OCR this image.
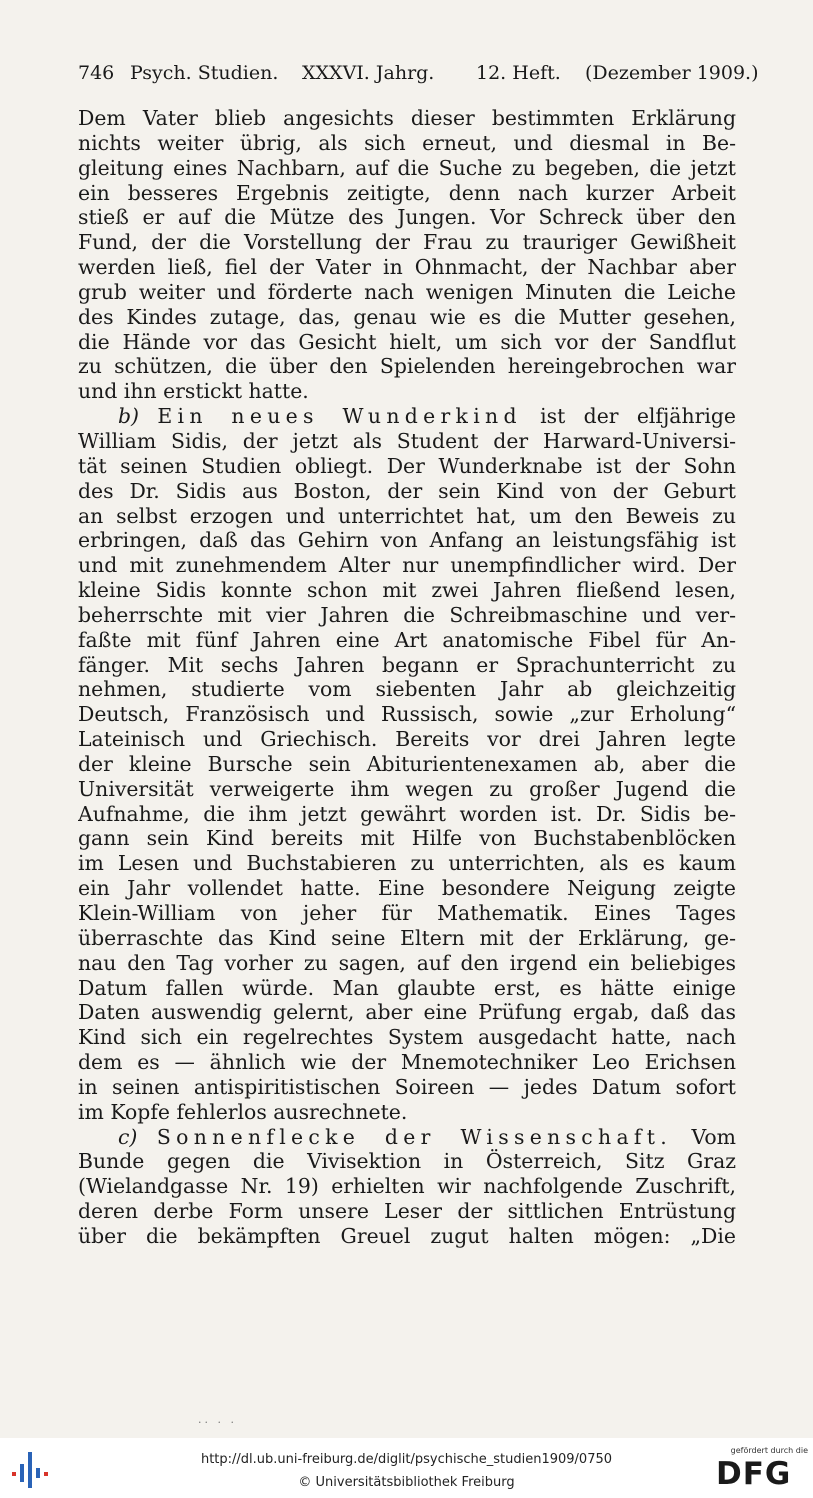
746 Psych. Studien. XXXVI. Jahrg. 12. Heft. (Dezember 1909.)
Dem Vater blieb angesichts dieser bestimmten Erklärung
nichts weiter übrig, als sich erneut, und diesmal in Be-
gleitung eines Nachbarn, auf die Suche zu begeben, die jetzt
ein besseres Ergebnis zeitigte, denn nach kurzer Arbeit
stieß er auf die Mütze des Jungen. Vor Schreck über den
Fund, der die Vorstellung der Frau zu trauriger Gewißheit
werden ließ, fiel der Vater in Ohnmacht, der Nachbar aber
grub weiter und förderte nach wenigen Minuten die Leiche
des Kindes zutage, das, genau wie es die Mutter gesehen,
die Hände vor das Gesicht hielt, um sich vor der Sandflut
zu schützen, die über den Spielenden hereingebrochen war
und ihn erstickt hatte.
b) Ein neues Wunderkind ist der elfjährige
William Sidis, der jetzt als Student der Harward-Universi-
tät seinen Studien obliegt. Der Wunderknabe ist der Sohn
des Dr. Sidis aus Boston, der sein Kind von der Geburt
an selbst erzogen und unterrichtet hat, um den Beweis zu
erbringen, daß das Gehirn von Anfang an leistungsfähig ist
und mit zunehmendem Alter nur unempfindlicher wird. Der
kleine Sidis konnte schon mit zwei Jahren fließend lesen,
beherrschte mit vier Jahren die Schreibmaschine und ver-
faßte mit fünf Jahren eine Art anatomische Fibel für An-
fänger. Mit sechs Jahren begann er Sprachunterricht zu
nehmen, studierte vom siebenten Jahr ab gleichzeitig
Deutsch, Französisch und Russisch, sowie „zur Erholung“
Lateinisch und Griechisch. Bereits vor drei Jahren legte
der kleine Bursche sein Abiturientenexamen ab, aber die
Universität verweigerte ihm wegen zu großer Jugend die
Aufnahme, die ihm jetzt gewährt worden ist. Dr. Sidis be-
gann sein Kind bereits mit Hilfe von Buchstabenblöcken
im Lesen und Buchstabieren zu unterrichten, als es kaum
ein Jahr vollendet hatte. Eine besondere Neigung zeigte
Klein-William von jeher für Mathematik. Eines Tages
überraschte das Kind seine Eltern mit der Erklärung, ge-
nau den Tag vorher zu sagen, auf den irgend ein beliebiges
Datum fallen würde. Man glaubte erst, es hätte einige
Daten auswendig gelernt, aber eine Prüfung ergab, daß das
Kind sich ein regelrechtes System ausgedacht hatte, nach
dem es — ähnlich wie der Mnemotechniker Leo Erichsen
in seinen antispiritistischen Soireen — jedes Datum sofort
im Kopfe fehlerlos ausrechnete.
c) Sonnenflecke der Wissenschaft. Vom
Bunde gegen die Vivisektion in Österreich, Sitz Graz
(Wielandgasse Nr. 19) erhielten wir nachfolgende Zuschrift,
deren derbe Form unsere Leser der sittlichen Entrüstung
über die bekämpften Greuel zugut halten mögen: „Die
·· · ·
http://dl.ub.uni-freiburg.de/diglit/psychische_studien1909/0750
© Universitätsbibliothek Freiburg
gefördert durch die
DFG
